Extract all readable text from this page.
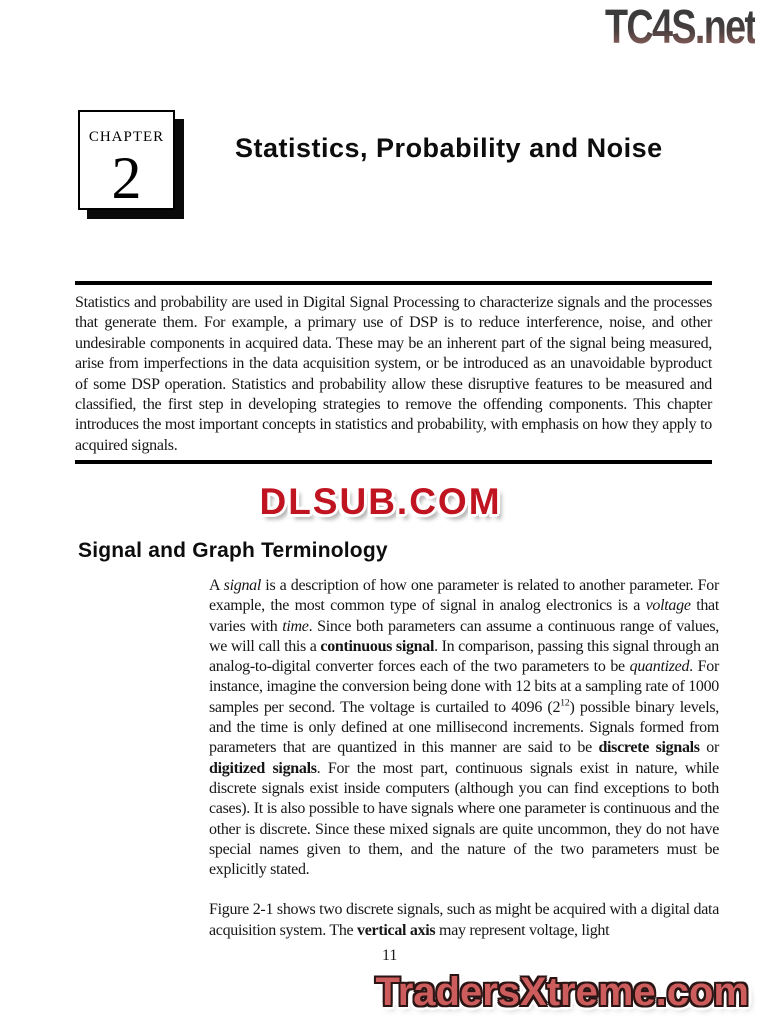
TC4S.net
CHAPTER
2	Statistics, Probability and Noise

Statistics and probability are used in Digital Signal Processing to characterize signals and the processes that generate them. For example, a primary use of DSP is to reduce interference, noise, and other undesirable components in acquired data. These may be an inherent part of the signal being measured, arise from imperfections in the data acquisition system, or be introduced as an unavoidable byproduct of some DSP operation. Statistics and probability allow these disruptive features to be measured and classified, the first step in developing strategies to remove the offending components. This chapter introduces the most important concepts in statistics and probability, with emphasis on how they apply to acquired signals.

DLSUB.COM
Signal and Graph Terminology

A signal is a description of how one parameter is related to another parameter. For example, the most common type of signal in analog electronics is a voltage that varies with time. Since both parameters can assume a continuous range of values, we will call this a continuous signal. In comparison, passing this signal through an analog-to-digital converter forces each of the two parameters to be quantized. For instance, imagine the conversion being done with 12 bits at a sampling rate of 1000 samples per second. The voltage is curtailed to 4096 $(2^{12})$ possible binary levels, and the time is only defined at one millisecond increments. Signals formed from parameters that are quantized in this manner are said to be discrete signals or digitized signals. For the most part, continuous signals exist in nature, while discrete signals exist inside computers (although you can find exceptions to both cases). It is also possible to have signals where one parameter is continuous and the other is discrete. Since these mixed signals are quite uncommon, they do not have special names given to them, and the nature of the two parameters must be explicitly stated.

Figure 2-1 shows two discrete signals, such as might be acquired with a digital data acquisition system. The vertical axis may represent voltage, light

11
TradersXtreme.com
